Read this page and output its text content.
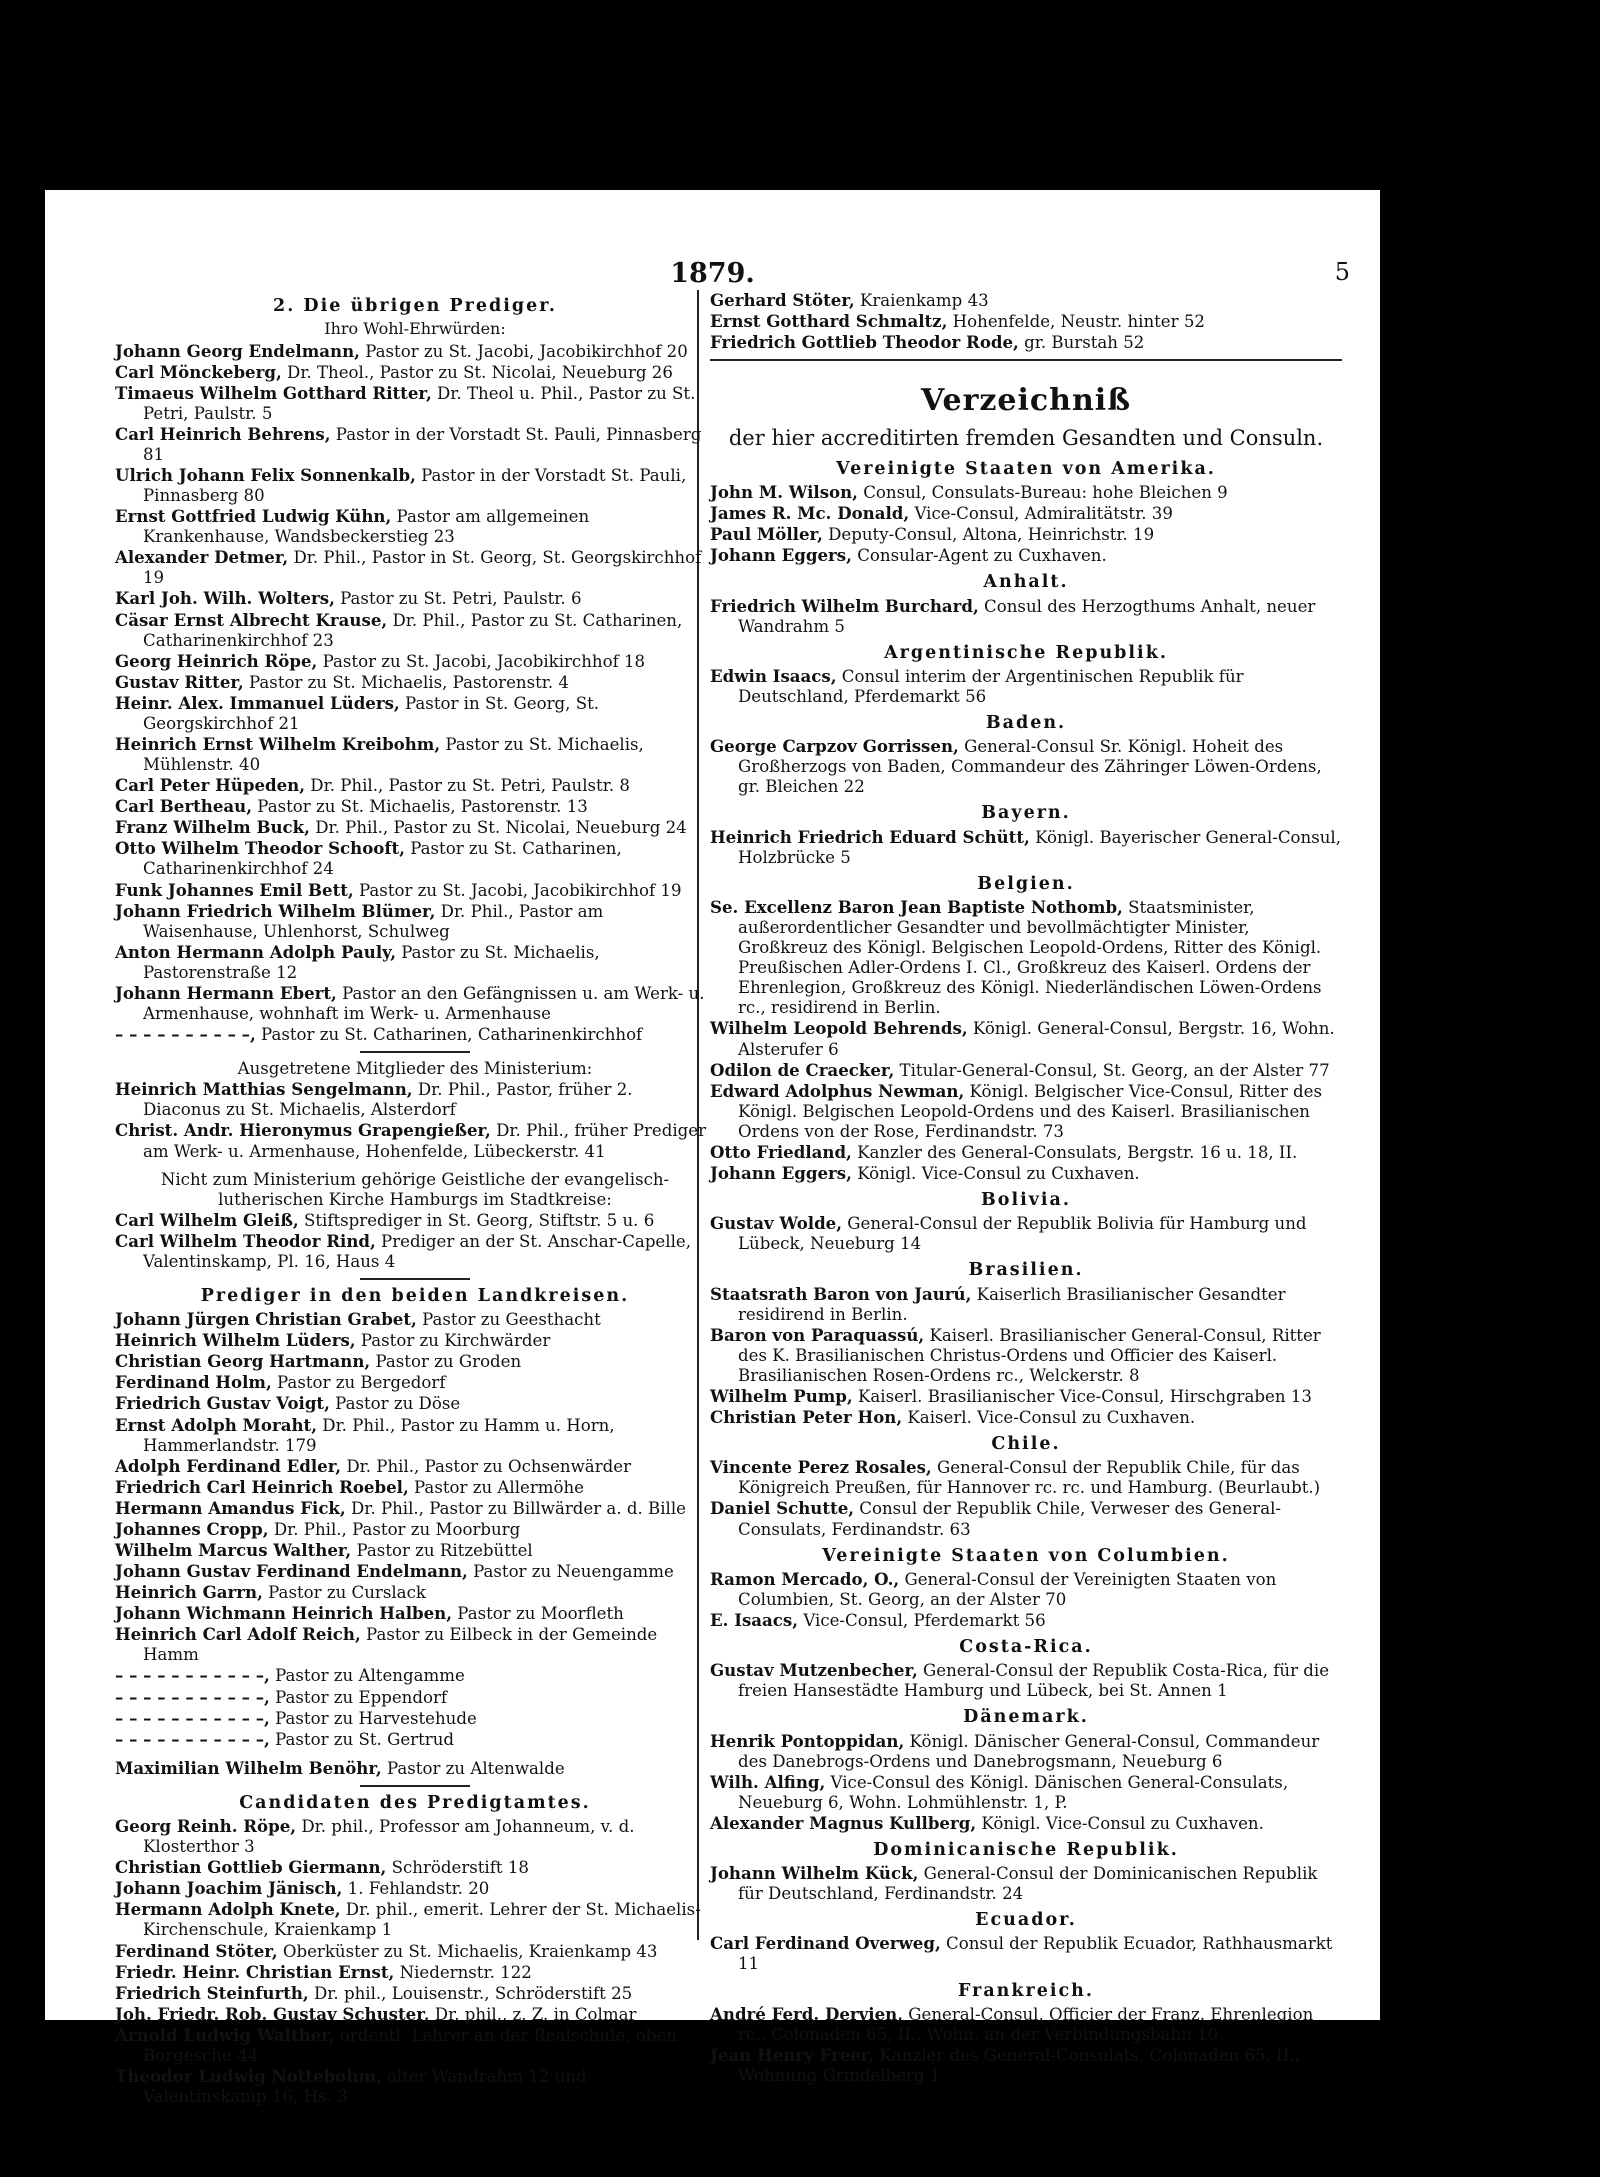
1879.	5
2. Die übrigen Prediger.
Ihro Wohl-Ehrwürden:

Johann Georg Endelmann, Pastor zu St. Jacobi, Jacobikirchhof 20

Carl Mönckeberg, Dr. Theol., Pastor zu St. Nicolai, Neueburg 26

Timaeus Wilhelm Gotthard Ritter, Dr. Theol u. Phil., Pastor zu St. Petri, Paulstr. 5

Carl Heinrich Behrens, Pastor in der Vorstadt St. Pauli, Pinnasberg 81

Ulrich Johann Felix Sonnenkalb, Pastor in der Vorstadt St. Pauli, Pinnasberg 80

Ernst Gottfried Ludwig Kühn, Pastor am allgemeinen Krankenhause, Wandsbeckerstieg 23

Alexander Detmer, Dr. Phil., Pastor in St. Georg, St. Georgskirchhof 19

Karl Joh. Wilh. Wolters, Pastor zu St. Petri, Paulstr. 6

Cäsar Ernst Albrecht Krause, Dr. Phil., Pastor zu St. Catharinen, Catharinenkirchhof 23

Georg Heinrich Röpe, Pastor zu St. Jacobi, Jacobikirchhof 18

Gustav Ritter, Pastor zu St. Michaelis, Pastorenstr. 4

Heinr. Alex. Immanuel Lüders, Pastor in St. Georg, St. Georgskirchhof 21

Heinrich Ernst Wilhelm Kreibohm, Pastor zu St. Michaelis, Mühlenstr. 40

Carl Peter Hüpeden, Dr. Phil., Pastor zu St. Petri, Paulstr. 8

Carl Bertheau, Pastor zu St. Michaelis, Pastorenstr. 13

Franz Wilhelm Buck, Dr. Phil., Pastor zu St. Nicolai, Neueburg 24

Otto Wilhelm Theodor Schooft, Pastor zu St. Catharinen, Catharinenkirchhof 24

Funk Johannes Emil Bett, Pastor zu St. Jacobi, Jacobikirchhof 19

Johann Friedrich Wilhelm Blümer, Dr. Phil., Pastor am Waisenhause, Uhlenhorst, Schulweg

Anton Hermann Adolph Pauly, Pastor zu St. Michaelis, Pastorenstraße 12

Johann Hermann Ebert, Pastor an den Gefängnissen u. am Werk- u. Armenhause, wohnhaft im Werk- u. Armenhause

– – – – – – – – – –, Pastor zu St. Catharinen, Catharinenkirchhof

Ausgetretene Mitglieder des Ministerium:

Heinrich Matthias Sengelmann, Dr. Phil., Pastor, früher 2. Diaconus zu St. Michaelis, Alsterdorf

Christ. Andr. Hieronymus Grapengießer, Dr. Phil., früher Prediger am Werk- u. Armenhause, Hohenfelde, Lübeckerstr. 41

Nicht zum Ministerium gehörige Geistliche der evangelisch-lutherischen Kirche Hamburgs im Stadtkreise:

Carl Wilhelm Gleiß, Stiftsprediger in St. Georg, Stiftstr. 5 u. 6

Carl Wilhelm Theodor Rind, Prediger an der St. Anschar-Capelle, Valentinskamp, Pl. 16, Haus 4

Prediger in den beiden Landkreisen.

Johann Jürgen Christian Grabet, Pastor zu Geesthacht

Heinrich Wilhelm Lüders, Pastor zu Kirchwärder

Christian Georg Hartmann, Pastor zu Groden

Ferdinand Holm, Pastor zu Bergedorf

Friedrich Gustav Voigt, Pastor zu Döse

Ernst Adolph Moraht, Dr. Phil., Pastor zu Hamm u. Horn, Hammerlandstr. 179

Adolph Ferdinand Edler, Dr. Phil., Pastor zu Ochsenwärder

Friedrich Carl Heinrich Roebel, Pastor zu Allermöhe

Hermann Amandus Fick, Dr. Phil., Pastor zu Billwärder a. d. Bille

Johannes Cropp, Dr. Phil., Pastor zu Moorburg

Wilhelm Marcus Walther, Pastor zu Ritzebüttel

Johann Gustav Ferdinand Endelmann, Pastor zu Neuengamme

Heinrich Garrn, Pastor zu Curslack

Johann Wichmann Heinrich Halben, Pastor zu Moorfleth

Heinrich Carl Adolf Reich, Pastor zu Eilbeck in der Gemeinde Hamm

– – – – – – – – – – –, Pastor zu Altengamme

– – – – – – – – – – –, Pastor zu Eppendorf

– – – – – – – – – – –, Pastor zu Harvestehude

– – – – – – – – – – –, Pastor zu St. Gertrud

Maximilian Wilhelm Benöhr, Pastor zu Altenwalde

Candidaten des Predigtamtes.

Georg Reinh. Röpe, Dr. phil., Professor am Johanneum, v. d. Klosterthor 3

Christian Gottlieb Giermann, Schröderstift 18

Johann Joachim Jänisch, 1. Fehlandstr. 20

Hermann Adolph Knete, Dr. phil., emerit. Lehrer der St. Michaelis-Kirchenschule, Kraienkamp 1

Ferdinand Stöter, Oberküster zu St. Michaelis, Kraienkamp 43

Friedr. Heinr. Christian Ernst, Niedernstr. 122

Friedrich Steinfurth, Dr. phil., Louisenstr., Schröderstift 25

Joh. Friedr. Rob. Gustav Schuster, Dr. phil., z. Z. in Colmar

Arnold Ludwig Walther, ordentl. Lehrer an der Realschule, oben Borgesche 44

Theodor Ludwig Nottebohm, alter Wandrahm 12 und Valentinskamp 16, Hs. 3

Gerhard Stöter, Kraienkamp 43

Ernst Gotthard Schmaltz, Hohenfelde, Neustr. hinter 52

Friedrich Gottlieb Theodor Rode, gr. Burstah 52

Verzeichniß
der hier accreditirten fremden Gesandten und Consuln.
Vereinigte Staaten von Amerika.

John M. Wilson, Consul, Consulats-Bureau: hohe Bleichen 9

James R. Mc. Donald, Vice-Consul, Admiralitätstr. 39

Paul Möller, Deputy-Consul, Altona, Heinrichstr. 19

Johann Eggers, Consular-Agent zu Cuxhaven.

Anhalt.

Friedrich Wilhelm Burchard, Consul des Herzogthums Anhalt, neuer Wandrahm 5

Argentinische Republik.

Edwin Isaacs, Consul interim der Argentinischen Republik für Deutschland, Pferdemarkt 56

Baden.

George Carpzov Gorrissen, General-Consul Sr. Königl. Hoheit des Großherzogs von Baden, Commandeur des Zähringer Löwen-Ordens, gr. Bleichen 22

Bayern.

Heinrich Friedrich Eduard Schütt, Königl. Bayerischer General-Consul, Holzbrücke 5

Belgien.

Se. Excellenz Baron Jean Baptiste Nothomb, Staatsminister, außerordentlicher Gesandter und bevollmächtigter Minister, Großkreuz des Königl. Belgischen Leopold-Ordens, Ritter des Königl. Preußischen Adler-Ordens I. Cl., Großkreuz des Kaiserl. Ordens der Ehrenlegion, Großkreuz des Königl. Niederländischen Löwen-Ordens rc., residirend in Berlin.

Wilhelm Leopold Behrends, Königl. General-Consul, Bergstr. 16, Wohn. Alsterufer 6

Odilon de Craecker, Titular-General-Consul, St. Georg, an der Alster 77

Edward Adolphus Newman, Königl. Belgischer Vice-Consul, Ritter des Königl. Belgischen Leopold-Ordens und des Kaiserl. Brasilianischen Ordens von der Rose, Ferdinandstr. 73

Otto Friedland, Kanzler des General-Consulats, Bergstr. 16 u. 18, II.

Johann Eggers, Königl. Vice-Consul zu Cuxhaven.

Bolivia.

Gustav Wolde, General-Consul der Republik Bolivia für Hamburg und Lübeck, Neueburg 14

Brasilien.

Staatsrath Baron von Jaurú, Kaiserlich Brasilianischer Gesandter residirend in Berlin.

Baron von Paraquassú, Kaiserl. Brasilianischer General-Consul, Ritter des K. Brasilianischen Christus-Ordens und Officier des Kaiserl. Brasilianischen Rosen-Ordens rc., Welckerstr. 8

Wilhelm Pump, Kaiserl. Brasilianischer Vice-Consul, Hirschgraben 13

Christian Peter Hon, Kaiserl. Vice-Consul zu Cuxhaven.

Chile.

Vincente Perez Rosales, General-Consul der Republik Chile, für das Königreich Preußen, für Hannover rc. rc. und Hamburg. (Beurlaubt.)

Daniel Schutte, Consul der Republik Chile, Verweser des General-Consulats, Ferdinandstr. 63

Vereinigte Staaten von Columbien.

Ramon Mercado, O., General-Consul der Vereinigten Staaten von Columbien, St. Georg, an der Alster 70

E. Isaacs, Vice-Consul, Pferdemarkt 56

Costa-Rica.

Gustav Mutzenbecher, General-Consul der Republik Costa-Rica, für die freien Hansestädte Hamburg und Lübeck, bei St. Annen 1

Dänemark.

Henrik Pontoppidan, Königl. Dänischer General-Consul, Commandeur des Danebrogs-Ordens und Danebrogsmann, Neueburg 6

Wilh. Alfing, Vice-Consul des Königl. Dänischen General-Consulats, Neueburg 6, Wohn. Lohmühlenstr. 1, P.

Alexander Magnus Kullberg, Königl. Vice-Consul zu Cuxhaven.

Dominicanische Republik.

Johann Wilhelm Kück, General-Consul der Dominicanischen Republik für Deutschland, Ferdinandstr. 24

Ecuador.

Carl Ferdinand Overweg, Consul der Republik Ecuador, Rathhausmarkt 11

Frankreich.

André Ferd. Dervien, General-Consul, Officier der Franz. Ehrenlegion rc., Colonaden 65, II., Wohn. an der Verbindungsbahn 10

Jean Henry Freer, Kanzler des General-Consulats, Colonaden 65, II., Wohnung Grindelberg 1
